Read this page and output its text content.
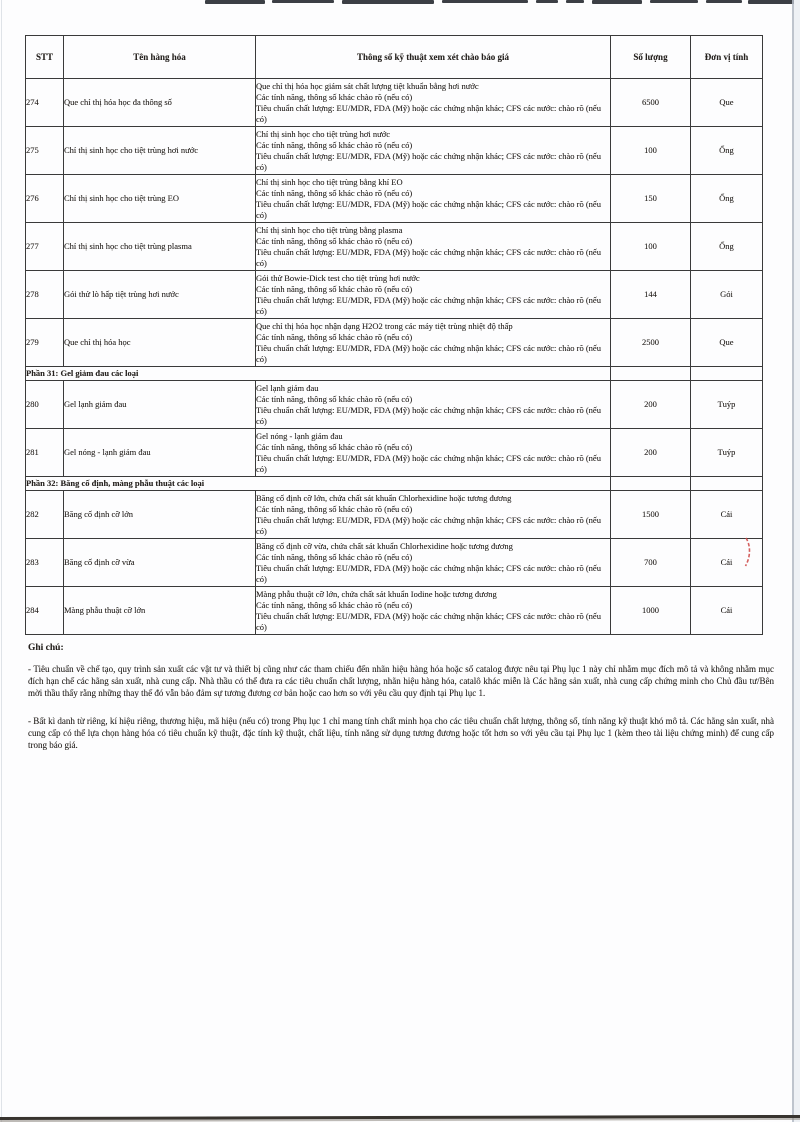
STT	Tên hàng hóa	Thông số kỹ thuật xem xét chào báo giá	Số lượng	Đơn vị tính
274	Que chỉ thị hóa học đa thông số	Que chỉ thị hóa học giám sát chất lượng tiệt khuẩn bằng hơi nước
Các tính năng, thông số khác chào rõ (nếu có)
Tiêu chuẩn chất lượng: EU/MDR, FDA (Mỹ) hoặc các chứng nhận khác; CFS các nước: chào rõ (nếu có)	6500	Que
275	Chỉ thị sinh học cho tiệt trùng hơi nước	Chỉ thị sinh học cho tiệt trùng hơi nước
Các tính năng, thông số khác chào rõ (nếu có)
Tiêu chuẩn chất lượng: EU/MDR, FDA (Mỹ) hoặc các chứng nhận khác; CFS các nước: chào rõ (nếu có)	100	Ống
276	Chỉ thị sinh học cho tiệt trùng EO	Chỉ thị sinh học cho tiệt trùng bằng khí EO
Các tính năng, thông số khác chào rõ (nếu có)
Tiêu chuẩn chất lượng: EU/MDR, FDA (Mỹ) hoặc các chứng nhận khác; CFS các nước: chào rõ (nếu có)	150	Ống
277	Chỉ thị sinh học cho tiệt trùng plasma	Chỉ thị sinh học cho tiệt trùng bằng plasma
Các tính năng, thông số khác chào rõ (nếu có)
Tiêu chuẩn chất lượng: EU/MDR, FDA (Mỹ) hoặc các chứng nhận khác; CFS các nước: chào rõ (nếu có)	100	Ống
278	Gói thử lò hấp tiệt trùng hơi nước	Gói thử Bowie-Dick test cho tiệt trùng hơi nước
Các tính năng, thông số khác chào rõ (nếu có)
Tiêu chuẩn chất lượng: EU/MDR, FDA (Mỹ) hoặc các chứng nhận khác; CFS các nước: chào rõ (nếu có)	144	Gói
279	Que chỉ thị hóa học	Que chỉ thị hóa học nhận dạng H2O2 trong các máy tiệt trùng nhiệt độ thấp
Các tính năng, thông số khác chào rõ (nếu có)
Tiêu chuẩn chất lượng: EU/MDR, FDA (Mỹ) hoặc các chứng nhận khác; CFS các nước: chào rõ (nếu có)	2500	Que
Phần 31: Gel giảm đau các loại				
280	Gel lạnh giảm đau	Gel lạnh giảm đau
Các tính năng, thông số khác chào rõ (nếu có)
Tiêu chuẩn chất lượng: EU/MDR, FDA (Mỹ) hoặc các chứng nhận khác; CFS các nước: chào rõ (nếu có)	200	Tuýp
281	Gel nóng - lạnh giảm đau	Gel nóng - lạnh giảm đau
Các tính năng, thông số khác chào rõ (nếu có)
Tiêu chuẩn chất lượng: EU/MDR, FDA (Mỹ) hoặc các chứng nhận khác; CFS các nước: chào rõ (nếu có)	200	Tuýp
Phần 32: Băng cố định, màng phẫu thuật các loại				
282	Băng cố định cỡ lớn	Băng cố định cỡ lớn, chứa chất sát khuẩn Chlorhexidine hoặc tương đương
Các tính năng, thông số khác chào rõ (nếu có)
Tiêu chuẩn chất lượng: EU/MDR, FDA (Mỹ) hoặc các chứng nhận khác; CFS các nước: chào rõ (nếu có)	1500	Cái
283	Băng cố định cỡ vừa	Băng cố định cỡ vừa, chứa chất sát khuẩn Chlorhexidine hoặc tương đương
Các tính năng, thông số khác chào rõ (nếu có)
Tiêu chuẩn chất lượng: EU/MDR, FDA (Mỹ) hoặc các chứng nhận khác; CFS các nước: chào rõ (nếu có)	700	Cái
284	Màng phẫu thuật cỡ lớn	Màng phẫu thuật cỡ lớn, chứa chất sát khuẩn Iodine hoặc tương đương
Các tính năng, thông số khác chào rõ (nếu có)
Tiêu chuẩn chất lượng: EU/MDR, FDA (Mỹ) hoặc các chứng nhận khác; CFS các nước: chào rõ (nếu có)	1000	Cái
Ghi chú:

- Tiêu chuẩn về chế tạo, quy trình sản xuất các vật tư và thiết bị cũng như các tham chiếu đến nhãn hiệu hàng hóa hoặc số catalog được nêu tại Phụ lục 1 này chỉ nhằm mục đích mô tả và không nhằm mục đích hạn chế các hãng sản xuất, nhà cung cấp. Nhà thầu có thể đưa ra các tiêu chuẩn chất lượng, nhãn hiệu hàng hóa, catalô khác miễn là Các hãng sản xuất, nhà cung cấp chứng minh cho Chủ đầu tư/Bên mời thầu thấy rằng những thay thế đó vẫn bảo đảm sự tương đương cơ bản hoặc cao hơn so với yêu cầu quy định tại Phụ lục 1.

- Bất kì danh từ riêng, kí hiệu riêng, thương hiệu, mã hiệu (nếu có) trong Phụ lục 1 chỉ mang tính chất minh họa cho các tiêu chuẩn chất lượng, thông số, tính năng kỹ thuật khó mô tả. Các hãng sản xuất, nhà cung cấp có thể lựa chọn hàng hóa có tiêu chuẩn kỹ thuật, đặc tính kỹ thuật, chất liệu, tính năng sử dụng tương đương hoặc tốt hơn so với yêu cầu tại Phụ lục 1 (kèm theo tài liệu chứng minh) để cung cấp trong báo giá.
